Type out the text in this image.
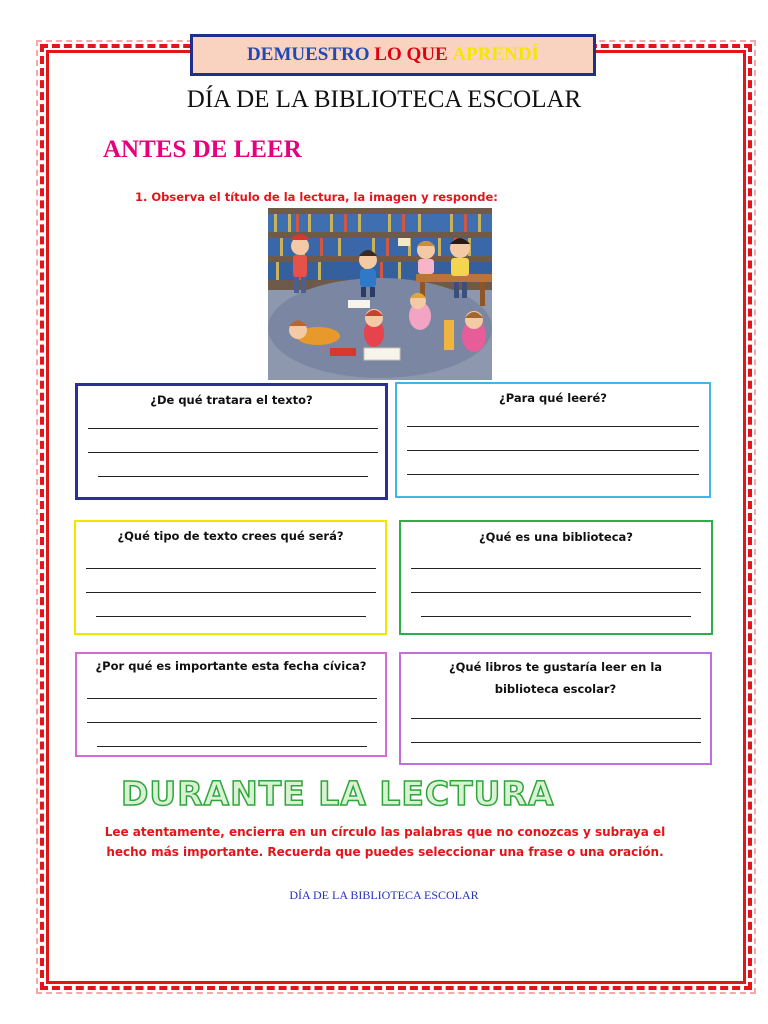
DEMUESTRO
LO QUE
APRENDÍ
DÍA DE LA BIBLIOTECA ESCOLAR
ANTES DE LEER
1. Observa el título de la lectura, la imagen y responde:
¿De qué tratara el texto?	¿Para qué leeré?
¿Qué tipo de texto crees qué será?	¿Qué es una biblioteca?
¿Por qué es importante esta fecha cívica?	¿Qué libros te gustaría leer en la biblioteca escolar?
DURANTE LA LECTURA
Lee atentamente, encierra en un círculo las palabras que no conozcas y subraya el hecho más importante. Recuerda que puedes seleccionar una frase o una oración.
DÍA DE LA BIBLIOTECA ESCOLAR
